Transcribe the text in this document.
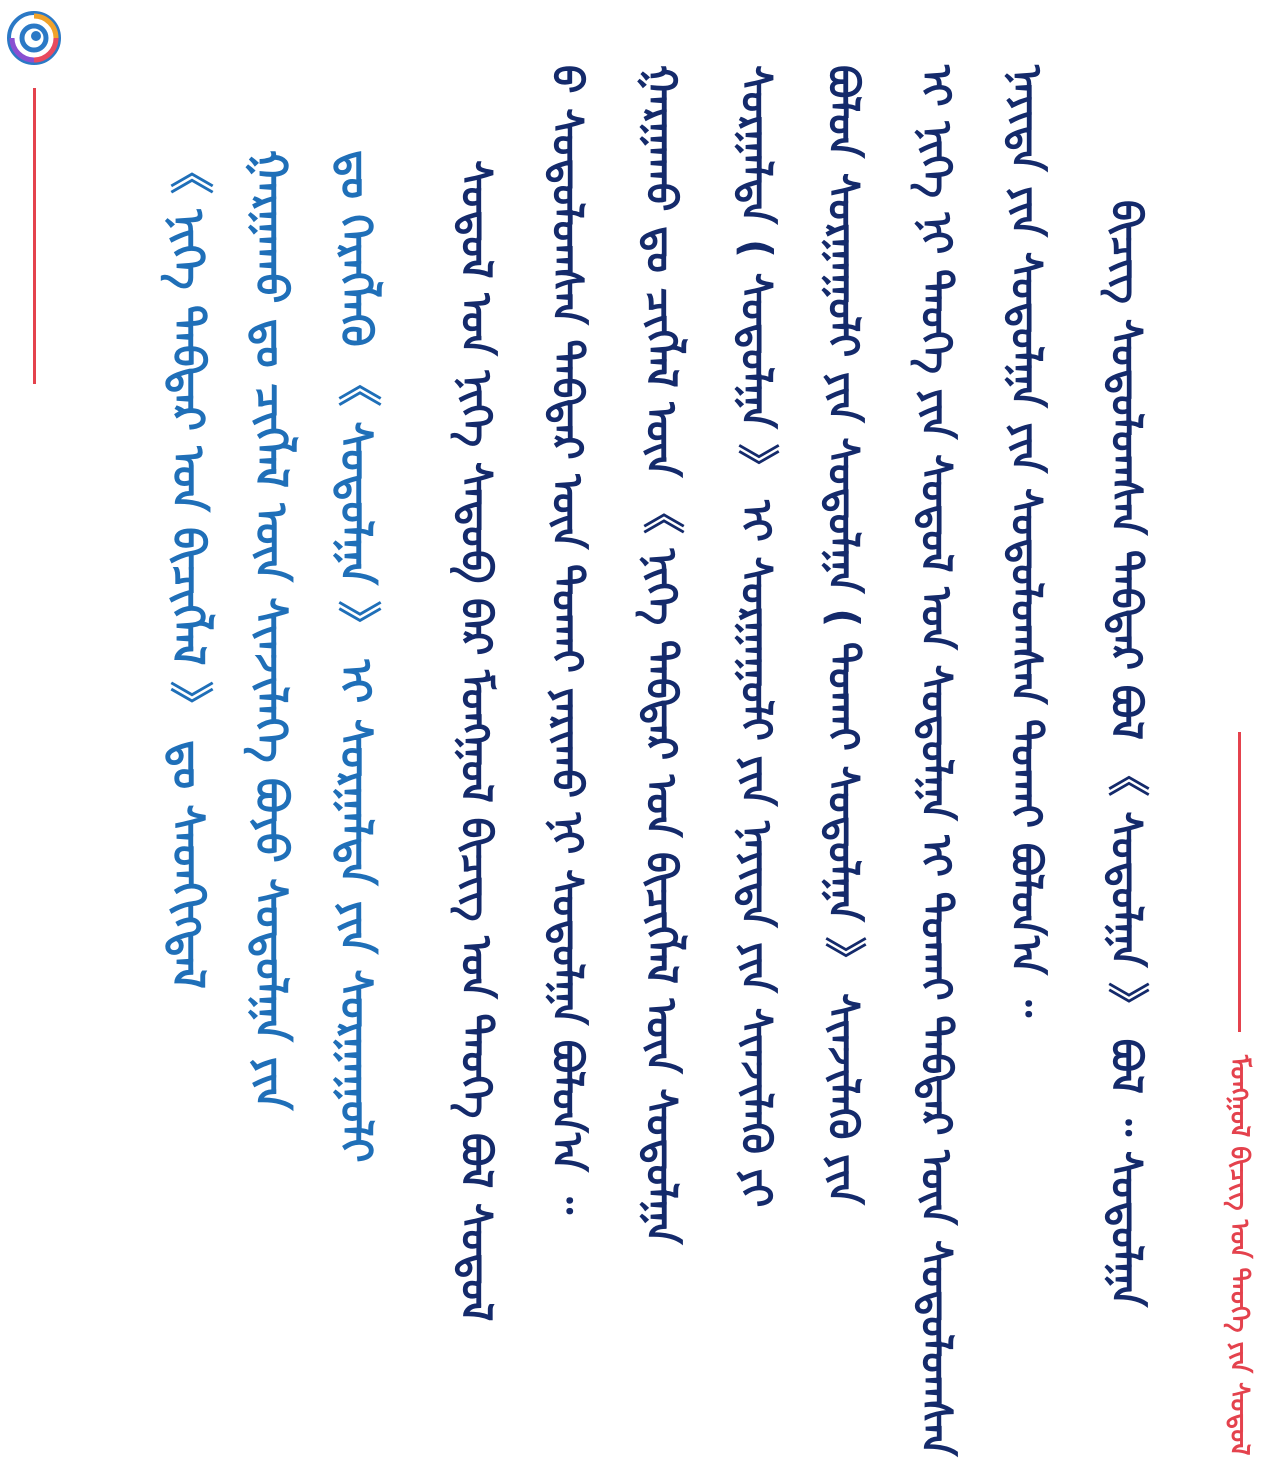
《 ᠨᠢᠭᠡ ᠳᠡᠪᠲᠡᠷ ᠤᠨ ᠪᠢᠴᠢᠭᠯᠡᠯ 》 ᠳᠤ ᠰᠡᠳᠬᠢᠭᠳᠡᠯ ᠭᠠᠷᠭᠠᠬᠤ ᠳᠤ ᠴᠢᠭᠯᠡᠯ ᠦᠨ ᠰᠢᠨᠵᠢᠯᠡᠭᠡ ᠪᠤᠶᠤ ᠰᠤᠳᠤᠯᠭᠠ ᠶᠢᠨ ᠳᠤ ᠬᠡᠷᠡᠭᠯᠡᠬᠦ 《 ᠰᠤᠳᠤᠯᠭᠠ 》 ᠢ ᠰᠤᠷᠭᠠᠯᠲᠠ ᠶᠢᠨ ᠰᠤᠷᠭᠠᠭᠤᠯᠢ ᠰᠤᠳᠤᠯ ᠤᠨ ᠨᠢᠭᠡ ᠰᠡᠳᠦᠪ ᠪᠡᠷ ᠮᠤᠩᠭᠤᠯ ᠪᠢᠴᠢᠭ ᠤᠨ ᠲᠡᠦᠬᠡ ᠪᠣᠯ ᠰᠤᠳᠤᠯ ᠪ ᠰᠤᠳᠤᠯᠤᠭᠰᠠᠨ ᠳᠡᠪᠲᠡᠷ ᠦᠨ ᠲᠤᠬᠠᠢ ᠶᠠᠷᠢᠬᠤ ᠨᠢ ᠰᠤᠳᠤᠯᠭᠠ ᠪᠤᠯᠤᠨ᠎ᠠ ᠃ ᠭᠠᠷᠭᠠᠬᠤ ᠳᠤ ᠴᠢᠭᠯᠡᠯ ᠦᠨ 《 ᠨᠢᠭᠡ ᠳᠡᠪᠲᠡᠷ ᠤᠨ ᠪᠢᠴᠢᠭᠯᠡᠯ ᠦᠨ ᠰᠤᠳᠤᠯᠭᠠ ᠰᠤᠷᠭᠠᠯᠲᠠ ( ᠰᠤᠳᠤᠯᠭᠠ 》 ᠢ ᠰᠤᠷᠭᠠᠭᠤᠯᠢ ᠶᠢᠨ ᠨᠡᠶᠢᠲᠡ ᠶᠢᠨ ᠰᠢᠨᠵᠢᠯᠡᠬᠦ ᠶᠢ ᠪᠤᠯᠤᠨ ᠰᠤᠷᠭᠠᠭᠤᠯᠢ ᠶᠢᠨ ᠰᠤᠳᠤᠯᠭᠠ ( ᠲᠤᠬᠠᠢ ᠰᠤᠳᠤᠯᠭᠠ 》 ᠰᠢᠨᠵᠢᠯᠡᠬᠦ ᠶᠢᠨ ᠢ ᠨᠢᠭᠡ ᠨᠢ ᠲᠡᠦᠬᠡ ᠶᠢᠨ ᠰᠤᠳᠤᠯ ᠤᠨ ᠰᠤᠳᠤᠯᠭᠠ ᠢ ᠲᠤᠬᠠᠢ ᠳᠡᠪᠲᠡᠷ ᠦᠨ ᠰᠤᠳᠤᠯᠤᠭᠰᠠᠨ ᠨᠡᠶᠢᠲᠡ ᠶᠢᠨ ᠰᠤᠳᠤᠯᠭᠠ ᠶᠢᠨ ᠰᠤᠳᠤᠯᠤᠭᠰᠠᠨ ᠲᠤᠬᠠᠢ ᠪᠤᠯᠤᠨ᠎ᠠ ᠃ ᠪᠢᠴᠢᠭ ᠰᠤᠳᠤᠯᠤᠭᠰᠠᠨ ᠳᠡᠪᠲᠡᠷ ᠪᠣᠯ 《 ᠰᠤᠳᠤᠯᠭᠠ 》 ᠪᠣᠯ ᠃ ᠰᠤᠳᠤᠯᠭᠠ	ᠮᠤᠩᠭᠤᠯ ᠪᠢᠴᠢᠭ ᠤᠨ ᠲᠡᠦᠬᠡ ᠶᠢᠨ ᠰᠤᠳᠤᠯ
